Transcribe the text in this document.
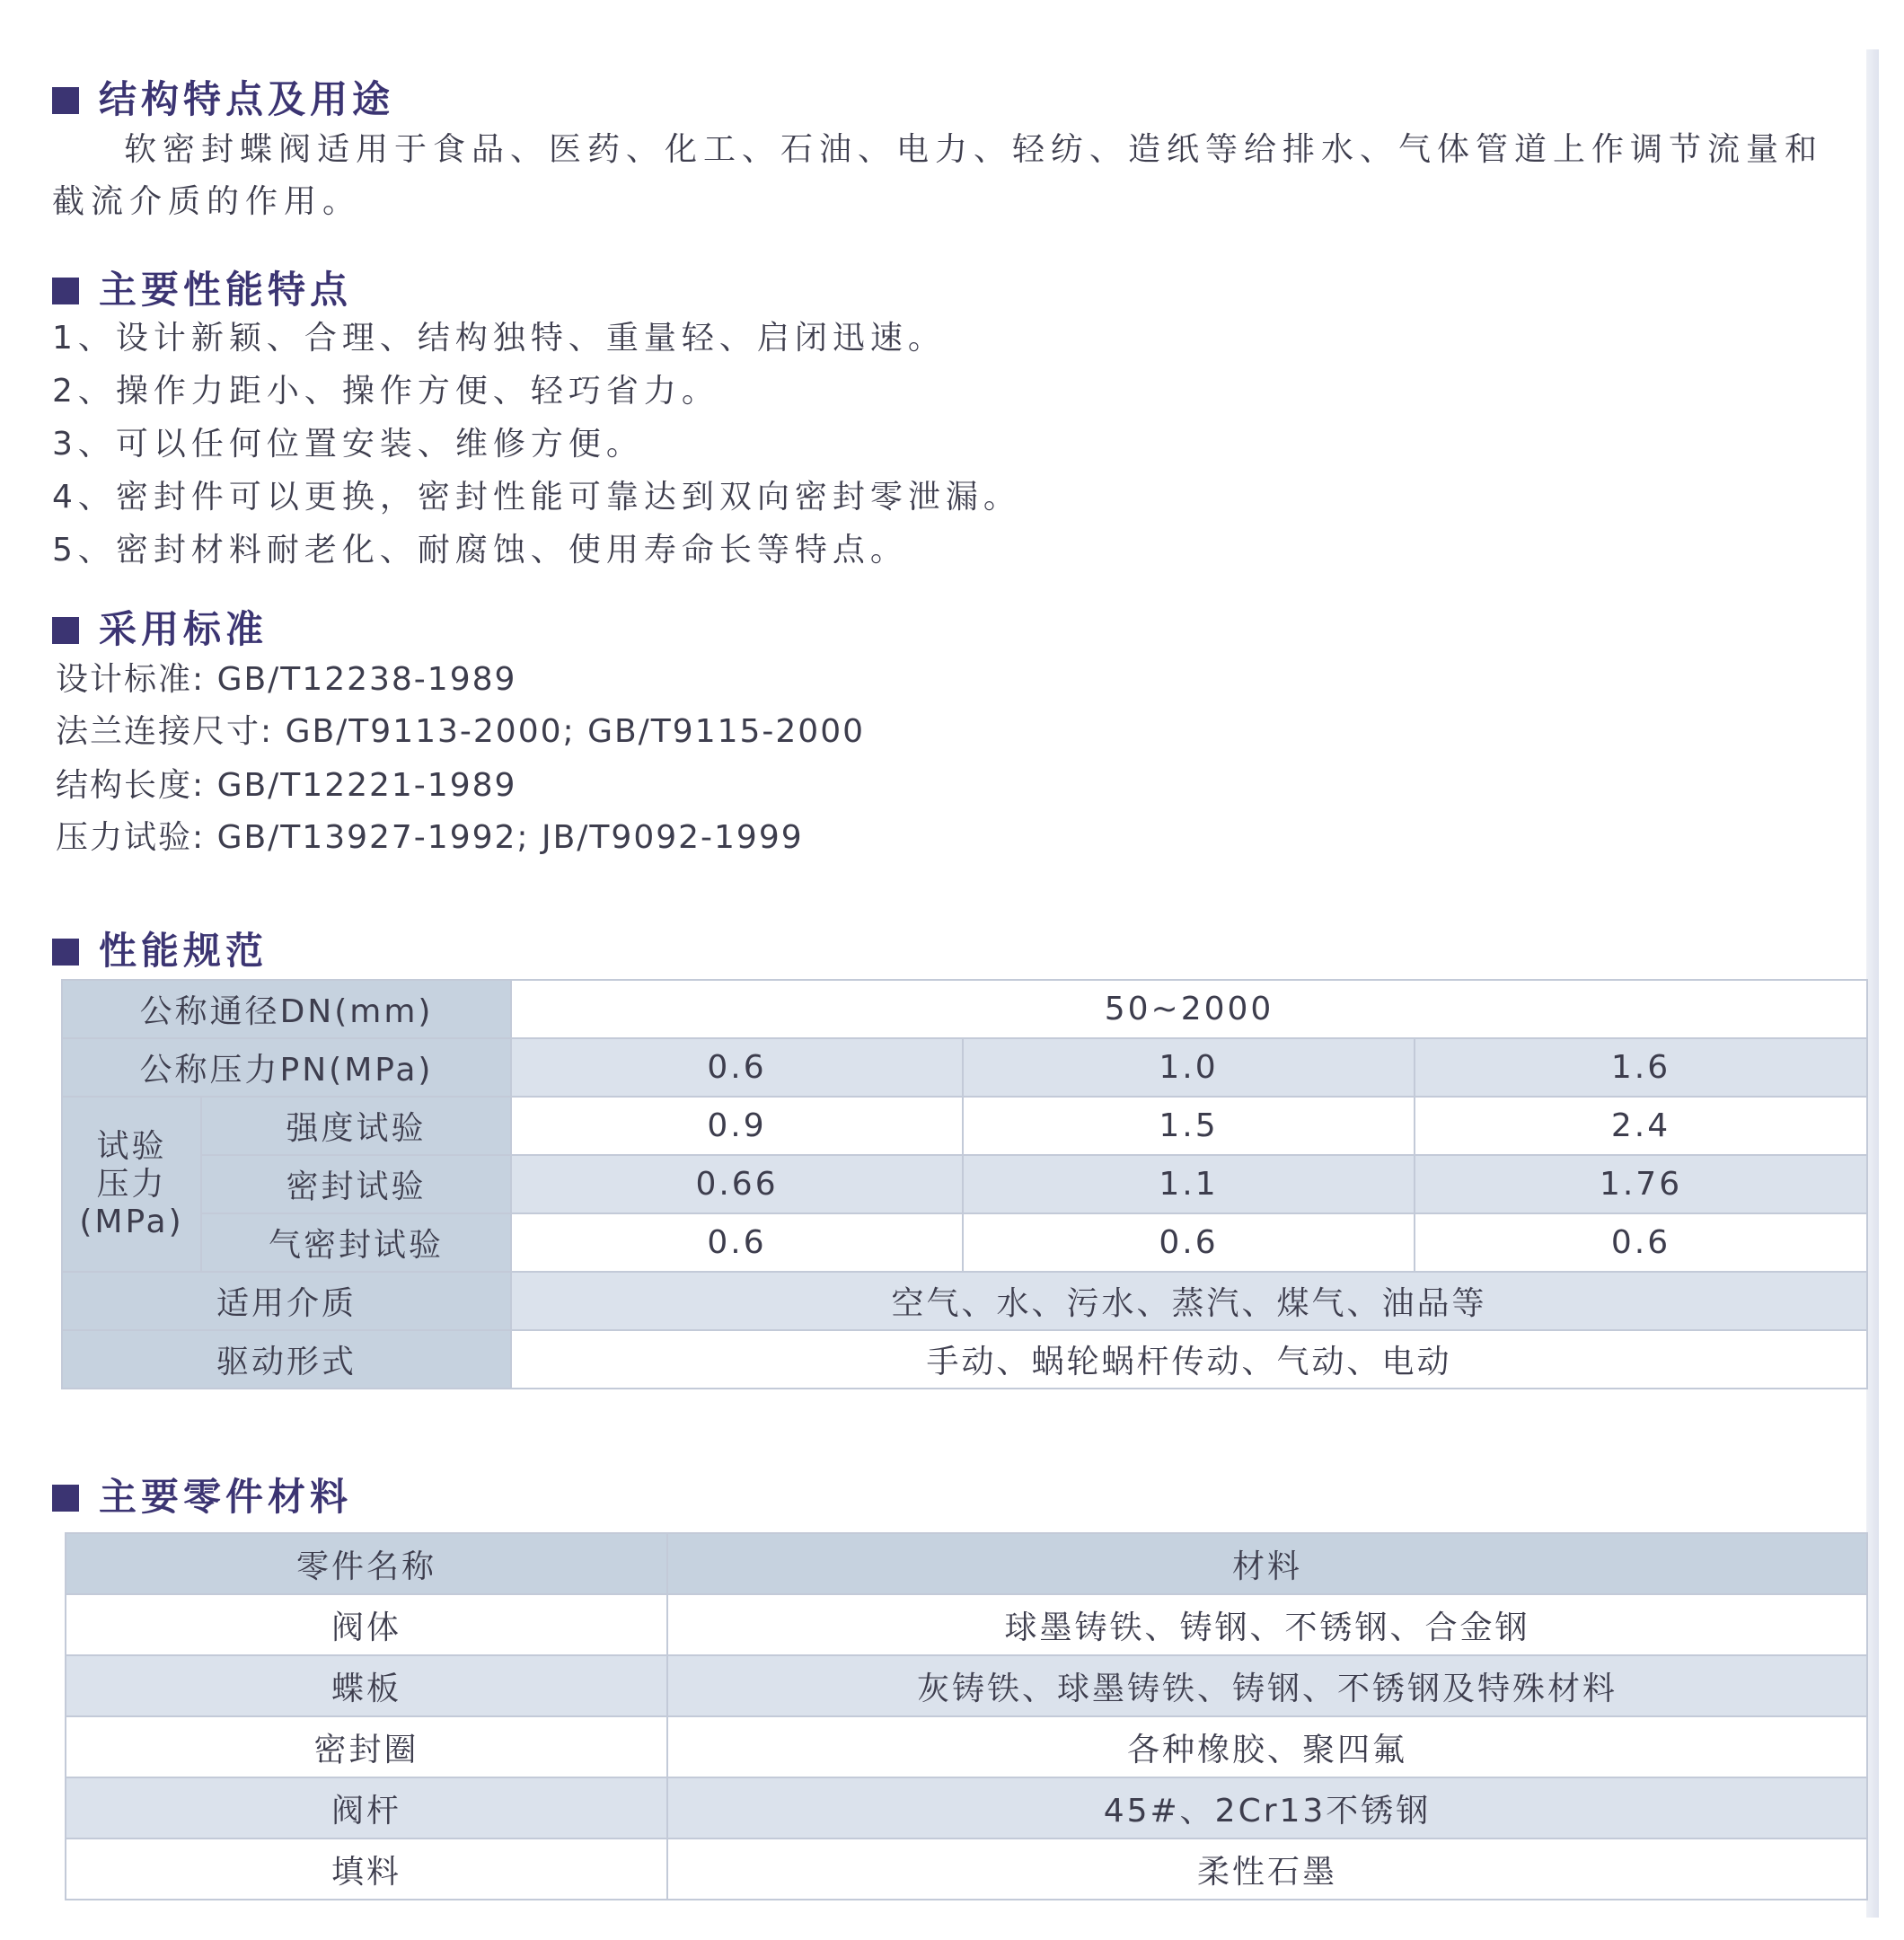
结构特点及用途
软密封蝶阀适用于食品、医药、化工、石油、电力、轻纺、造纸等给排水、气体管道上作调节流量和截流介质的作用。
主要性能特点
1、设计新颖、合理、结构独特、重量轻、启闭迅速。
2、操作力距小、操作方便、轻巧省力。
3、可以任何位置安装、维修方便。
4、密封件可以更换，密封性能可靠达到双向密封零泄漏。
5、密封材料耐老化、耐腐蚀、使用寿命长等特点。
采用标准
设计标准: GB/T12238-1989
法兰连接尺寸: GB/T9113-2000; GB/T9115-2000
结构长度: GB/T12221-1989
压力试验: GB/T13927-1992; JB/T9092-1999
性能规范
公称通径DN(mm)		50~2000		
公称压力PN(MPa)		0.6	1.0	1.6

试验
压力
(MPa)	强度试验	0.9	1.5	2.4
	密封试验	0.66	1.1	1.76
	气密封试验	0.6	0.6	0.6
适用介质		空气、水、污水、蒸汽、煤气、油品等		
驱动形式		手动、蜗轮蜗杆传动、气动、电动		
主要零件材料
零件名称	材料
阀体	球墨铸铁、铸钢、不锈钢、合金钢
蝶板	灰铸铁、球墨铸铁、铸钢、不锈钢及特殊材料
密封圈	各种橡胶、聚四氟
阀杆	45#、2Cr13不锈钢
填料	柔性石墨
